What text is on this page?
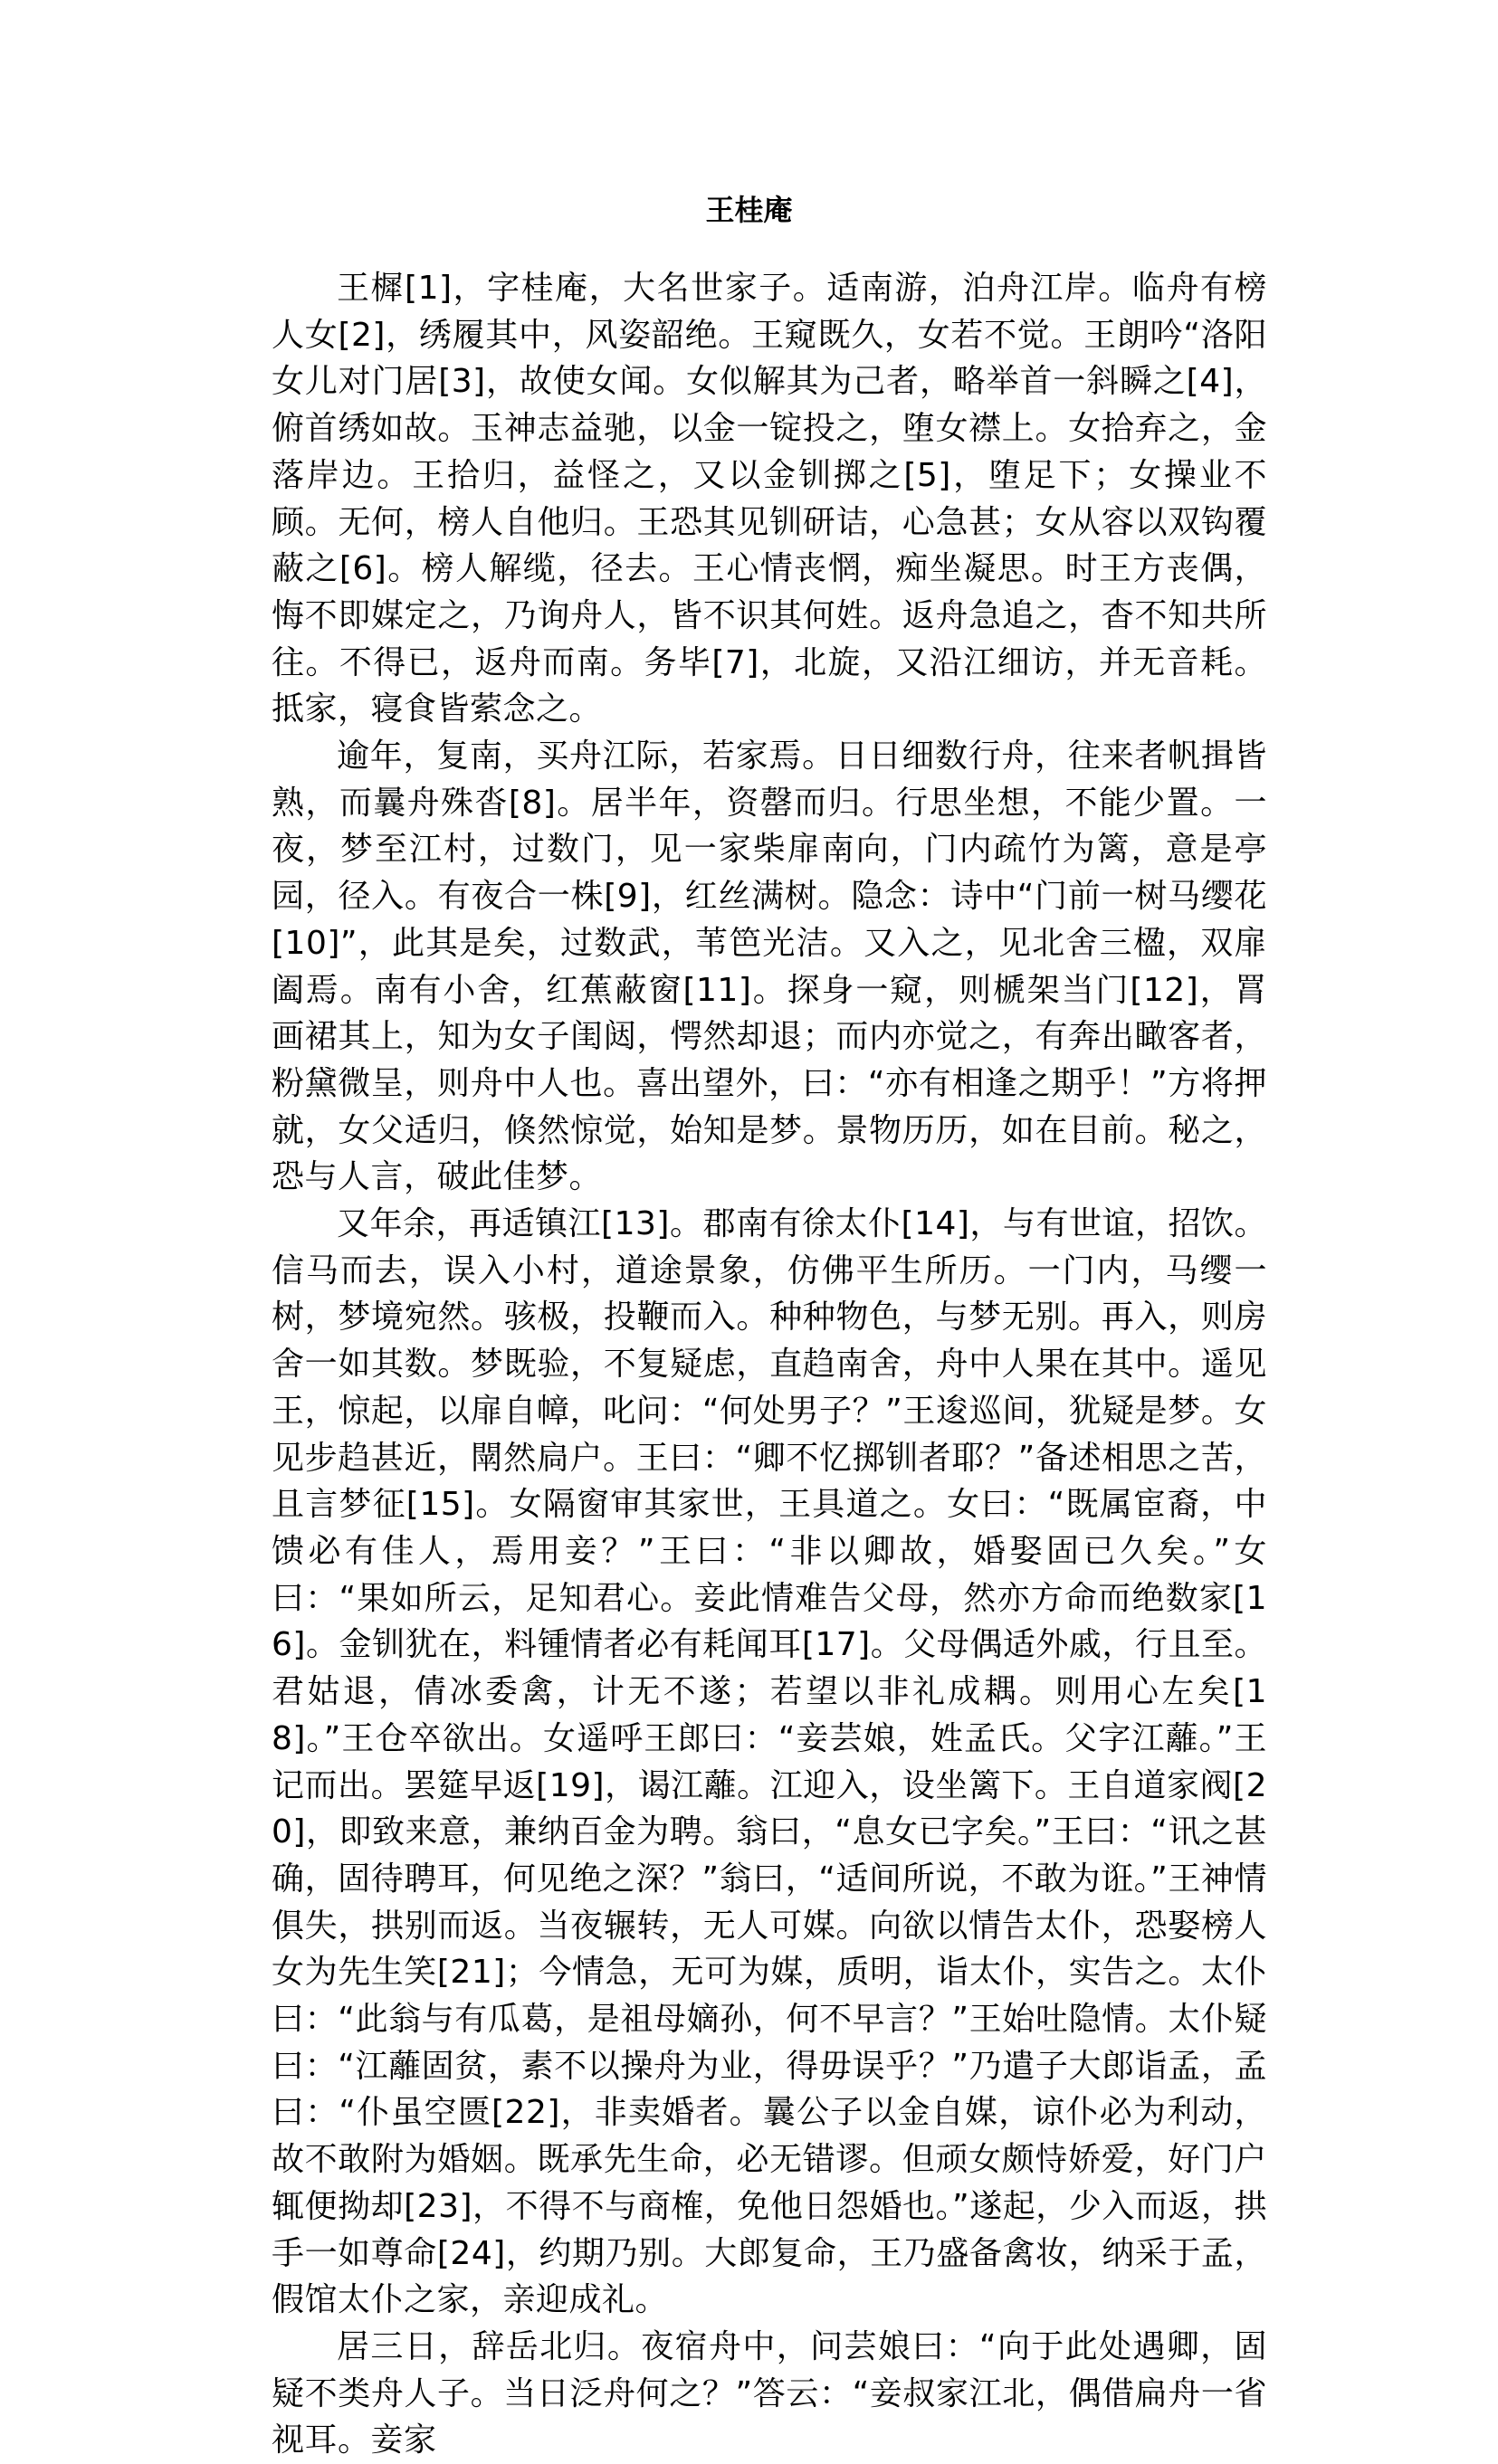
王桂庵

王樨[1]，字桂庵，大名世家子。适南游，泊舟江岸。临舟有榜人女[2]，绣履其中，风姿韶绝。王窥既久，女若不觉。王朗吟“洛阳女儿对门居[3]，故使女闻。女似解其为己者，略举首一斜瞬之[4]，俯首绣如故。玉神志益驰，以金一锭投之，堕女襟上。女拾弃之，金落岸边。王拾归，益怪之，又以金钏掷之[5]，堕足下；女操业不顾。无何，榜人自他归。王恐其见钏研诘，心急甚；女从容以双钩覆蔽之[6]。榜人解缆，径去。王心情丧惘，痴坐凝思。时王方丧偶，悔不即媒定之，乃询舟人，皆不识其何姓。返舟急追之，杳不知共所往。不得已，返舟而南。务毕[7]，北旋，又沿江细访，并无音耗。抵家，寝食皆萦念之。

逾年，复南，买舟江际，若家焉。日日细数行舟，往来者帆揖皆熟，而曩舟殊沓[8]。居半年，资罄而归。行思坐想，不能少置。一夜，梦至江村，过数门，见一家柴扉南向，门内疏竹为篱，意是亭园，径入。有夜合一株[9]，红丝满树。隐念：诗中“门前一树马缨花[10]”，此其是矣，过数武，苇笆光洁。又入之，见北舍三楹，双扉阖焉。南有小舍，红蕉蔽窗[11]。探身一窥，则榹架当门[12]，罥画裙其上，知为女子闺闼，愕然却退；而内亦觉之，有奔出瞰客者，粉黛微呈，则舟中人也。喜出望外，曰：“亦有相逢之期乎！”方将押就，女父适归，倏然惊觉，始知是梦。景物历历，如在目前。秘之，恐与人言，破此佳梦。

又年余，再适镇江[13]。郡南有徐太仆[14]，与有世谊，招饮。信马而去，误入小村，道途景象，仿佛平生所历。一门内，马缨一树，梦境宛然。骇极，投鞭而入。种种物色，与梦无别。再入，则房舍一如其数。梦既验，不复疑虑，直趋南舍，舟中人果在其中。遥见王，惊起，以扉自幛，叱问：“何处男子？”王逡巡间，犹疑是梦。女见步趋甚近，閛然扃户。王曰：“卿不忆掷钏者耶？”备述相思之苦，且言梦征[15]。女隔窗审其家世，王具道之。女曰：“既属宦裔，中馈必有佳人，焉用妾？”王曰：“非以卿故，婚娶固已久矣。”女曰：“果如所云，足知君心。妾此情难告父母，然亦方命而绝数家[16]。金钏犹在，料锺情者必有耗闻耳[17]。父母偶适外戚，行且至。君姑退，倩冰委禽，计无不遂；若望以非礼成耦。则用心左矣[18]。”王仓卒欲出。女遥呼王郎曰：“妾芸娘，姓孟氏。父字江蘺。”王记而出。罢筵早返[19]，谒江蘺。江迎入，设坐篱下。王自道家阀[20]，即致来意，兼纳百金为聘。翁曰，“息女已字矣。”王曰：“讯之甚确，固待聘耳，何见绝之深？”翁曰，“适间所说，不敢为诳。”王神情俱失，拱别而返。当夜辗转，无人可媒。向欲以情告太仆，恐娶榜人女为先生笑[21]；今情急，无可为媒，质明，诣太仆，实告之。太仆曰：“此翁与有瓜葛，是祖母嫡孙，何不早言？”王始吐隐情。太仆疑曰：“江蘺固贫，素不以操舟为业，得毋误乎？”乃遣子大郎诣孟，孟曰：“仆虽空匮[22]，非卖婚者。曩公子以金自媒，谅仆必为利动，故不敢附为婚姻。既承先生命，必无错谬。但顽女颇恃娇爱，好门户辄便拗却[23]，不得不与商榷，免他日怨婚也。”遂起，少入而返，拱手一如尊命[24]，约期乃别。大郎复命，王乃盛备禽妆，纳采于孟，假馆太仆之家，亲迎成礼。

居三日，辞岳北归。夜宿舟中，问芸娘曰：“向于此处遇卿，固疑不类舟人子。当日泛舟何之？”答云：“妾叔家江北，偶借扁舟一省视耳。妾家
